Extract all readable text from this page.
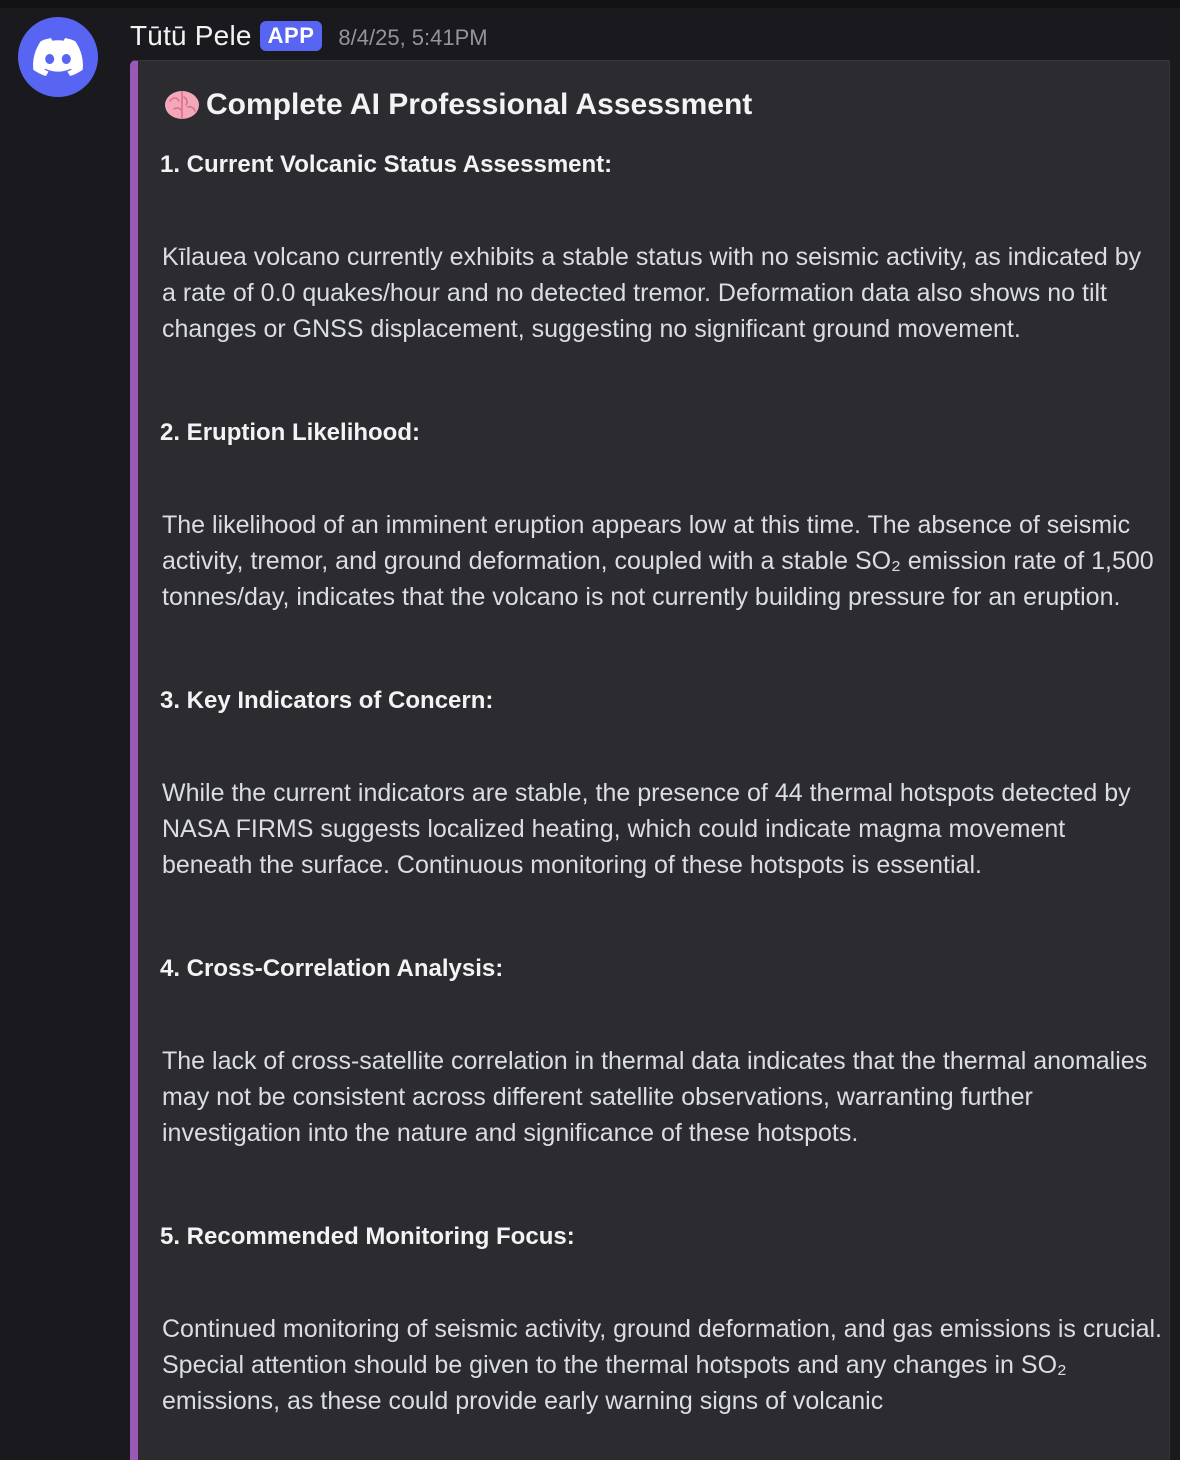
Tūtū Pele APP	8/4/25, 5:41PM
Complete AI Professional Assessment
1. Current Volcanic Status Assessment:
Kīlauea volcano currently exhibits a stable status with no seismic activity, as indicated by a rate of 0.0 quakes/hour and no detected tremor. Deformation data also shows no tilt changes or GNSS displacement, suggesting no significant ground movement.
2. Eruption Likelihood:
The likelihood of an imminent eruption appears low at this time. The absence of seismic activity, tremor, and ground deformation, coupled with a stable SO₂ emission rate of 1,500 tonnes/day, indicates that the volcano is not currently building pressure for an eruption.
3. Key Indicators of Concern:
While the current indicators are stable, the presence of 44 thermal hotspots detected by NASA FIRMS suggests localized heating, which could indicate magma movement beneath the surface. Continuous monitoring of these hotspots is essential.
4. Cross-Correlation Analysis:
The lack of cross-satellite correlation in thermal data indicates that the thermal anomalies may not be consistent across different satellite observations, warranting further investigation into the nature and significance of these hotspots.
5. Recommended Monitoring Focus:
Continued monitoring of seismic activity, ground deformation, and gas emissions is crucial. Special attention should be given to the thermal hotspots and any changes in SO₂ emissions, as these could provide early warning signs of volcanic
